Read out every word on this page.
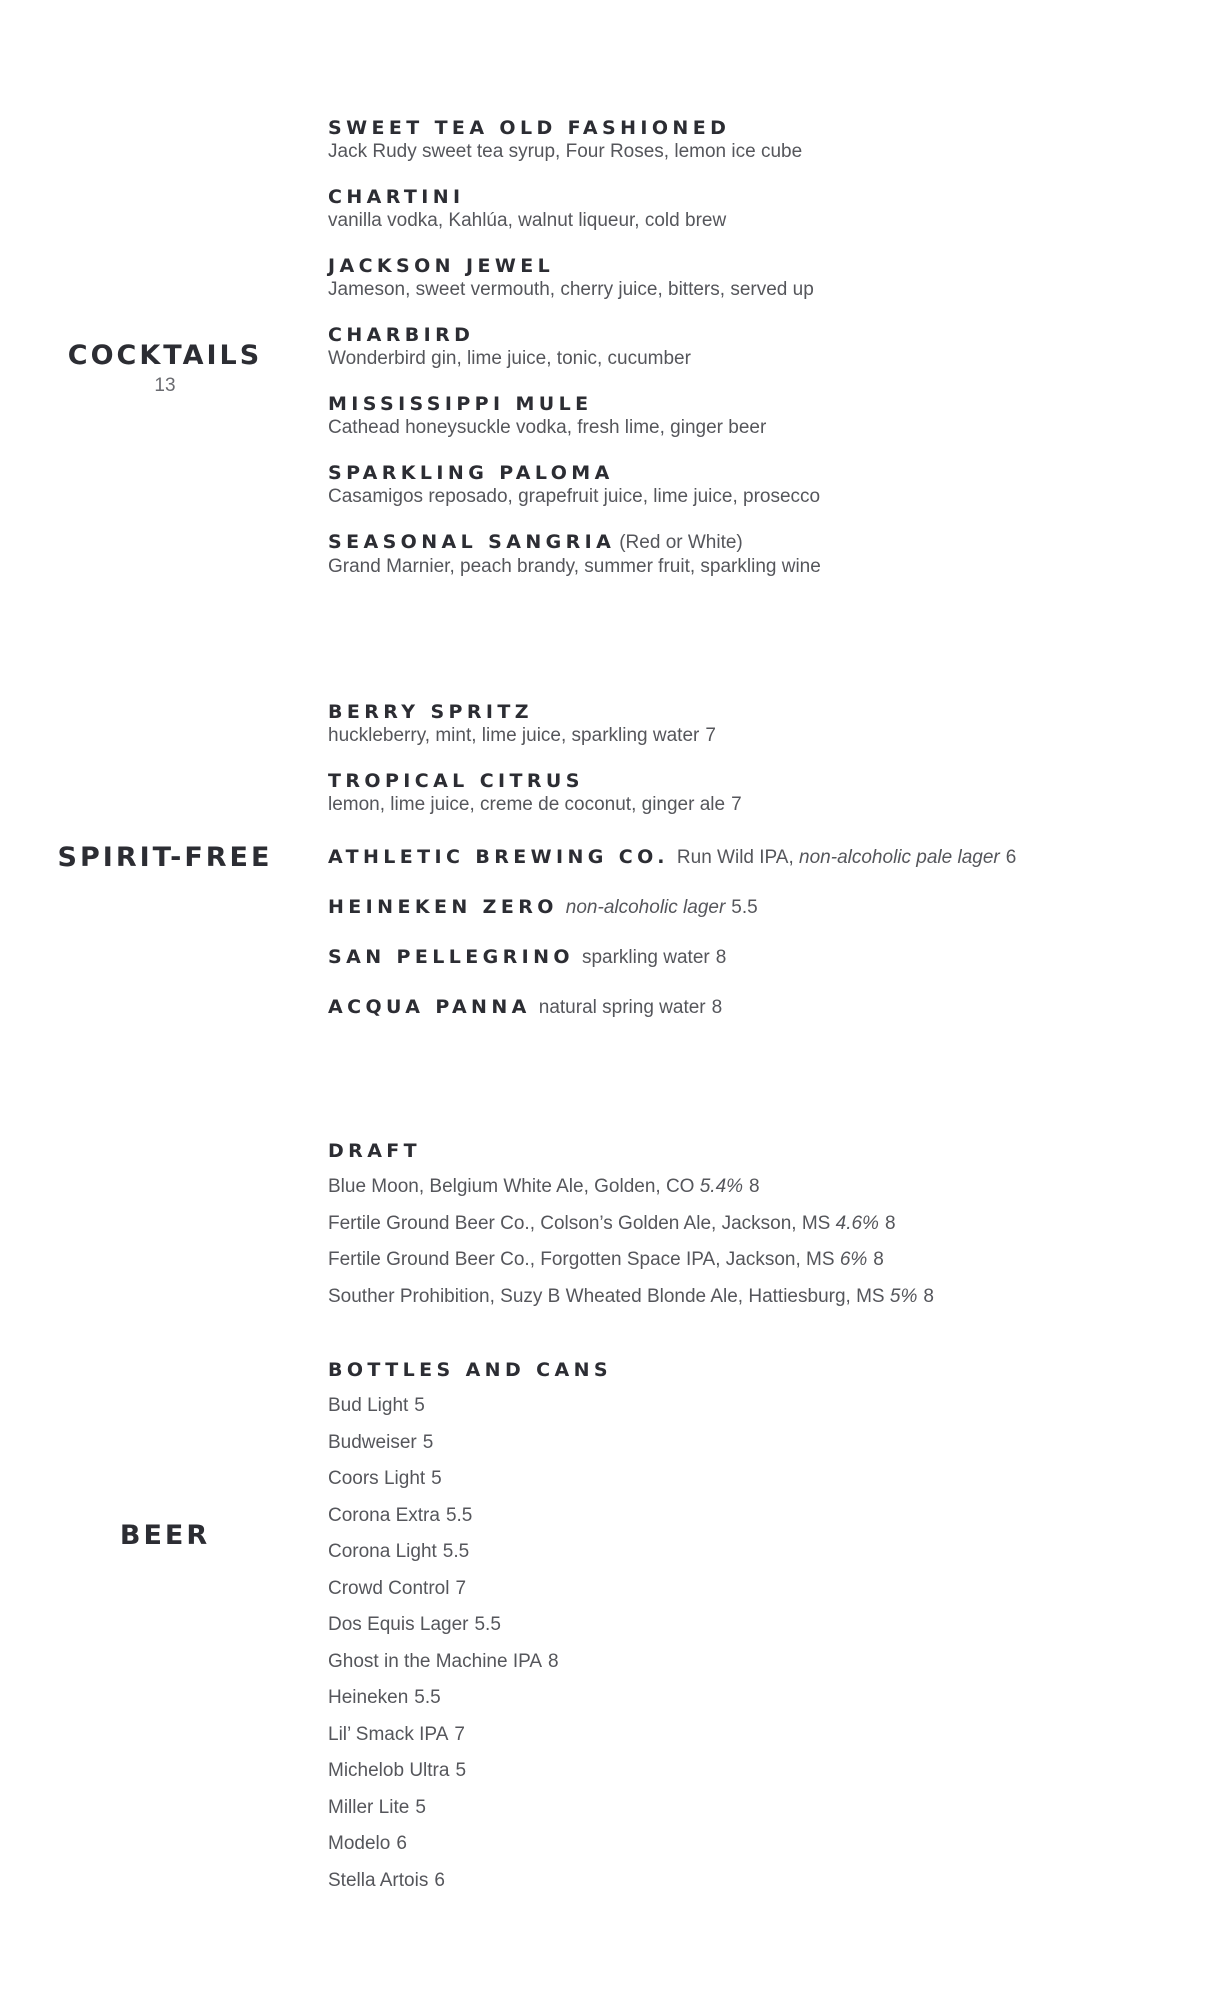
COCKTAILS
13
SWEET TEA OLD FASHIONED
Jack Rudy sweet tea syrup, Four Roses, lemon ice cube
CHARTINI
vanilla vodka, Kahlúa, walnut liqueur, cold brew
JACKSON JEWEL
Jameson, sweet vermouth, cherry juice, bitters, served up
CHARBIRD
Wonderbird gin, lime juice, tonic, cucumber
MISSISSIPPI MULE
Cathead honeysuckle vodka, fresh lime, ginger beer
SPARKLING PALOMA
Casamigos reposado, grapefruit juice, lime juice, prosecco
SEASONAL SANGRIA (Red or White)
Grand Marnier, peach brandy, summer fruit, sparkling wine
SPIRIT-FREE
BERRY SPRITZ
huckleberry, mint, lime juice, sparkling water 7
TROPICAL CITRUS
lemon, lime juice, creme de coconut, ginger ale 7
ATHLETIC BREWING CO. Run Wild IPA, non-alcoholic pale lager 6
HEINEKEN ZERO non-alcoholic lager 5.5
SAN PELLEGRINO sparkling water 8
ACQUA PANNA natural spring water 8
BEER
DRAFT
Blue Moon, Belgium White Ale, Golden, CO 5.4% 8
Fertile Ground Beer Co., Colson’s Golden Ale, Jackson, MS 4.6% 8
Fertile Ground Beer Co., Forgotten Space IPA, Jackson, MS 6% 8
Souther Prohibition, Suzy B Wheated Blonde Ale, Hattiesburg, MS 5% 8
BOTTLES AND CANS
Bud Light 5
Budweiser 5
Coors Light 5
Corona Extra 5.5
Corona Light 5.5
Crowd Control 7
Dos Equis Lager 5.5
Ghost in the Machine IPA 8
Heineken 5.5
Lil’ Smack IPA 7
Michelob Ultra 5
Miller Lite 5
Modelo 6
Stella Artois 6
